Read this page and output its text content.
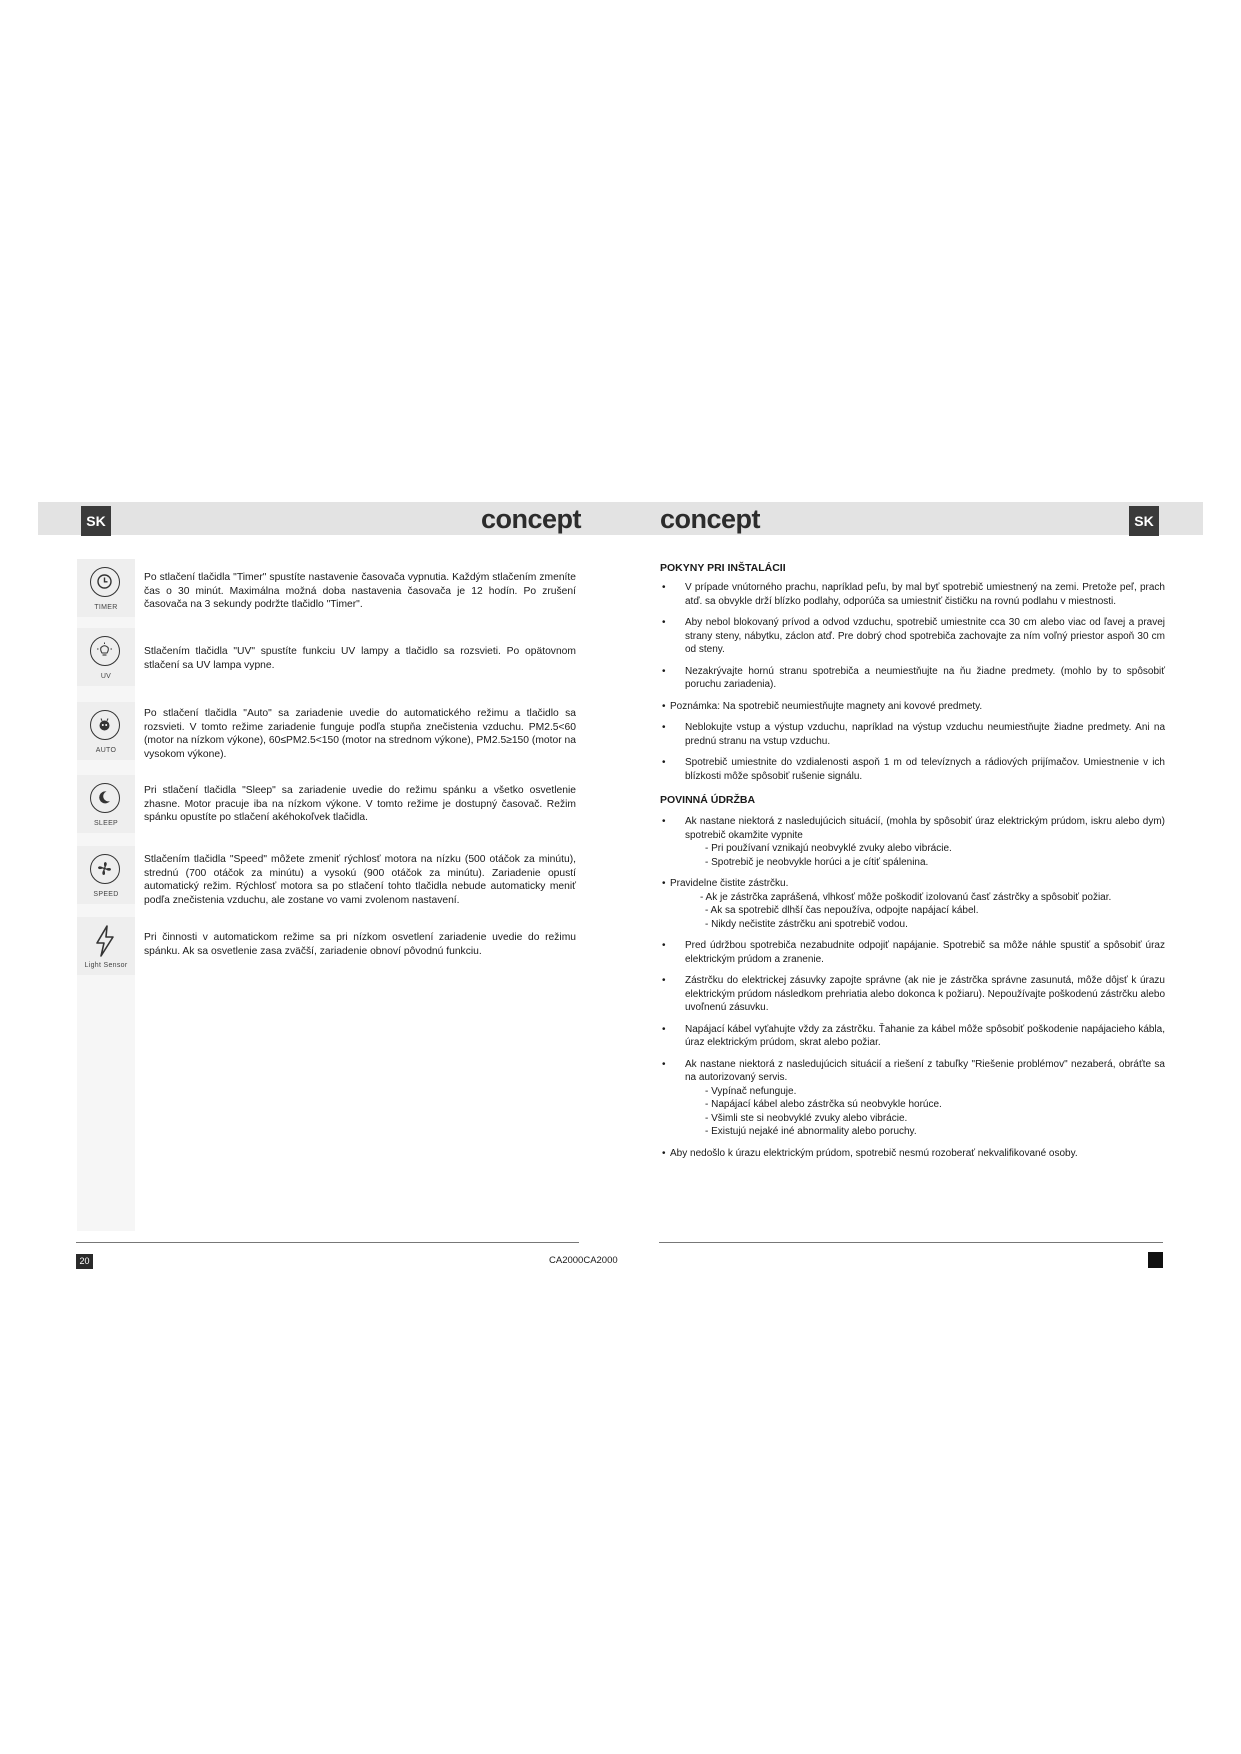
SK	concept	concept	SK
TIMER
Po stlačení tlačidla "Timer" spustíte nastavenie časovača vypnutia. Každým stlačením zmeníte čas o 30 minút. Maximálna možná doba nastavenia časovača je 12 hodín. Po zrušení časovača na 3 sekundy podržte tlačidlo "Timer".
UV
Stlačením tlačidla "UV" spustíte funkciu UV lampy a tlačidlo sa rozsvieti. Po opätovnom stlačení sa UV lampa vypne.
AUTO
Po stlačení tlačidla "Auto" sa zariadenie uvedie do automatického režimu a tlačidlo sa rozsvieti. V tomto režime zariadenie funguje podľa stupňa znečistenia vzduchu. PM2.5<60 (motor na nízkom výkone), 60≤PM2.5<150 (motor na strednom výkone), PM2.5≥150 (motor na vysokom výkone).
SLEEP
Pri stlačení tlačidla "Sleep" sa zariadenie uvedie do režimu spánku a všetko osvetlenie zhasne. Motor pracuje iba na nízkom výkone. V tomto režime je dostupný časovač. Režim spánku opustíte po stlačení akéhokoľvek tlačidla.
SPEED
Stlačením tlačidla "Speed" môžete zmeniť rýchlosť motora na nízku (500 otáčok za minútu), strednú (700 otáčok za minútu) a vysokú (900 otáčok za minútu). Zariadenie opustí automatický režim. Rýchlosť motora sa po stlačení tohto tlačidla nebude automaticky meniť podľa znečistenia vzduchu, ale zostane vo vami zvolenom nastavení.
Light Sensor
Pri činnosti v automatickom režime sa pri nízkom osvetlení zariadenie uvedie do režimu spánku. Ak sa osvetlenie zasa zväčší, zariadenie obnoví pôvodnú funkciu.
POKYNY PRI INŠTALÁCII
• V prípade vnútorného prachu, napríklad peľu, by mal byť spotrebič umiestnený na zemi. Pretože peľ, prach atď. sa obvykle drží blízko podlahy, odporúča sa umiestniť čističku na rovnú podlahu v miestnosti.
• Aby nebol blokovaný prívod a odvod vzduchu, spotrebič umiestnite cca 30 cm alebo viac od ľavej a pravej strany steny, nábytku, záclon atď. Pre dobrý chod spotrebiča zachovajte za ním voľný priestor aspoň 30 cm od steny.
• Nezakrývajte hornú stranu spotrebiča a neumiestňujte na ňu žiadne predmety. (mohlo by to spôsobiť poruchu zariadenia).
• Poznámka: Na spotrebič neumiestňujte magnety ani kovové predmety.
• Neblokujte vstup a výstup vzduchu, napríklad na výstup vzduchu neumiestňujte žiadne predmety. Ani na prednú stranu na vstup vzduchu.
• Spotrebič umiestnite do vzdialenosti aspoň 1 m od televíznych a rádiových prijímačov. Umiestnenie v ich blízkosti môže spôsobiť rušenie signálu.
POVINNÁ ÚDRŽBA
• Ak nastane niektorá z nasledujúcich situácií, (mohla by spôsobiť úraz elektrickým prúdom, iskru alebo dym) spotrebič okamžite vypnite
- Pri používaní vznikajú neobvyklé zvuky alebo vibrácie.
- Spotrebič je neobvykle horúci a je cítiť spálenina.
• Pravidelne čistite zástrčku.
- Ak je zástrčka zaprášená, vlhkosť môže poškodiť izolovanú časť zástrčky a spôsobiť požiar.
- Ak sa spotrebič dlhší čas nepoužíva, odpojte napájací kábel.
- Nikdy nečistite zástrčku ani spotrebič vodou.
• Pred údržbou spotrebiča nezabudnite odpojiť napájanie. Spotrebič sa môže náhle spustiť a spôsobiť úraz elektrickým prúdom a zranenie.
• Zástrčku do elektrickej zásuvky zapojte správne (ak nie je zástrčka správne zasunutá, môže dôjsť k úrazu elektrickým prúdom následkom prehriatia alebo dokonca k požiaru). Nepoužívajte poškodenú zástrčku alebo uvoľnenú zásuvku.
• Napájací kábel vyťahujte vždy za zástrčku. Ťahanie za kábel môže spôsobiť poškodenie napájacieho kábla, úraz elektrickým prúdom, skrat alebo požiar.
• Ak nastane niektorá z nasledujúcich situácií a riešení z tabuľky "Riešenie problémov" nezaberá, obráťte sa na autorizovaný servis.
- Vypínač nefunguje.
- Napájací kábel alebo zástrčka sú neobvykle horúce.
- Všimli ste si neobvyklé zvuky alebo vibrácie.
- Existujú nejaké iné abnormality alebo poruchy.
• Aby nedošlo k úrazu elektrickým prúdom, spotrebič nesmú rozoberať nekvalifikované osoby.
20	CA2000CA2000
